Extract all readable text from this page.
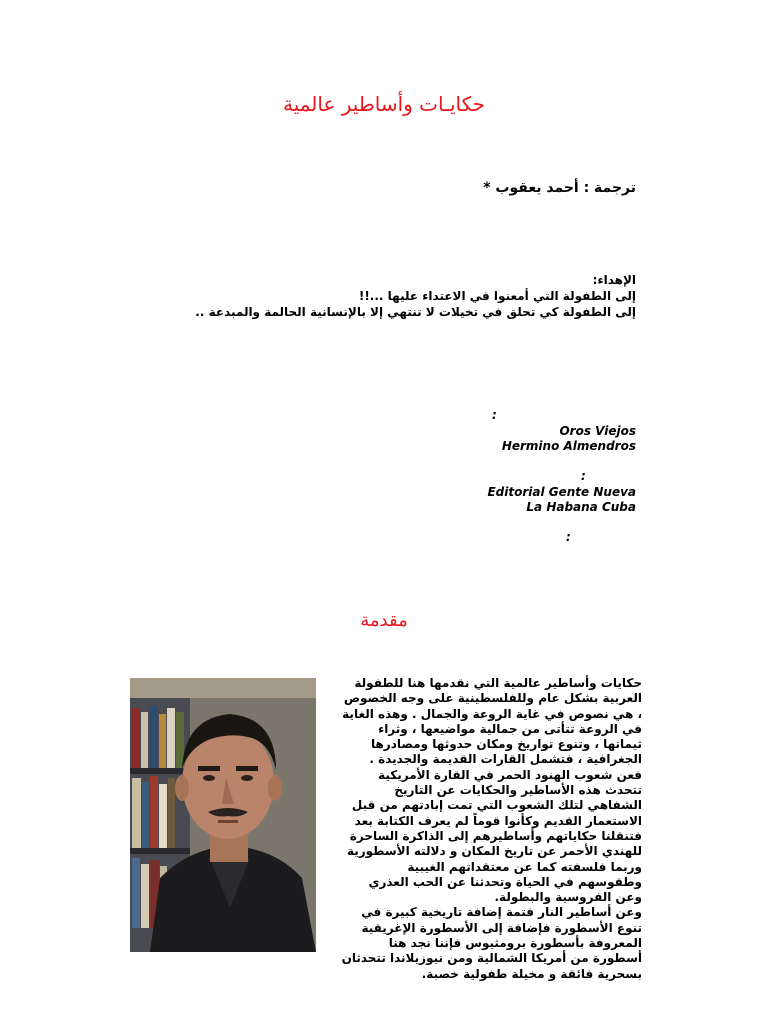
حكايـات وأساطير عالمية
ترجمة : أحمد يعقوب *
الإهداء:
إلى الطفولة التي أمعنوا في الاعتداء عليها ...!!
إلى الطفولة كي تحلق في تخيلات لا تنتهي إلا بالإنسانية الحالمة والمبدعة ..
:
Oros Viejos
Hermino Almendros
:
Editorial Gente Nueva
La Habana Cuba
:
مقدمة
حكايات وأساطير عالمية التي نقدمها هنا للطفولة
العربية بشكل عام وللفلسطينية على وجه الخصوص
، هي نصوص في غاية الروعة والجمال . وهذه الغاية
في الروعة تتأتى من جمالية مواضيعها ، وثراء
ثيماتها ، وتنوع تواريخ ومكان حدوثها ومصادرها
الجغرافية ، فتشمل القارات القديمة والجديدة .
فعن شعوب الهنود الحمر في القارة الأمريكية
تتحدث هذه الأساطير والحكايات عن التاريخ
الشفاهي لتلك الشعوب التي تمت إبادتهم من قبل
الاستعمار القديم وكأنوا قوماً لم يعرف الكتابة بعد
فتنقلنا حكاياتهم وأساطيرهم إلى الذاكرة الساحرة
للهندي الأحمر عن تاريخ المكان و دلالته الأسطورية
وربما فلسفته كما عن معتقداتهم الغيبية
وطقوسهم في الحياة وتحدثنا عن الحب العذري
وعن الفروسية والبطولة.
وعن أساطير النار فتمة إضافة تاريخية كبيرة في
تنوع الأسطورة فإضافة إلى الأسطورة الإغريقية
المعروفة بأسطورة برومثيوس فإننا نجد هنا
أسطورة من أمريكا الشمالية ومن نيوزيلاندا تتحدثان
بسحرية فائقة و مخيلة طفولية خصبة.
